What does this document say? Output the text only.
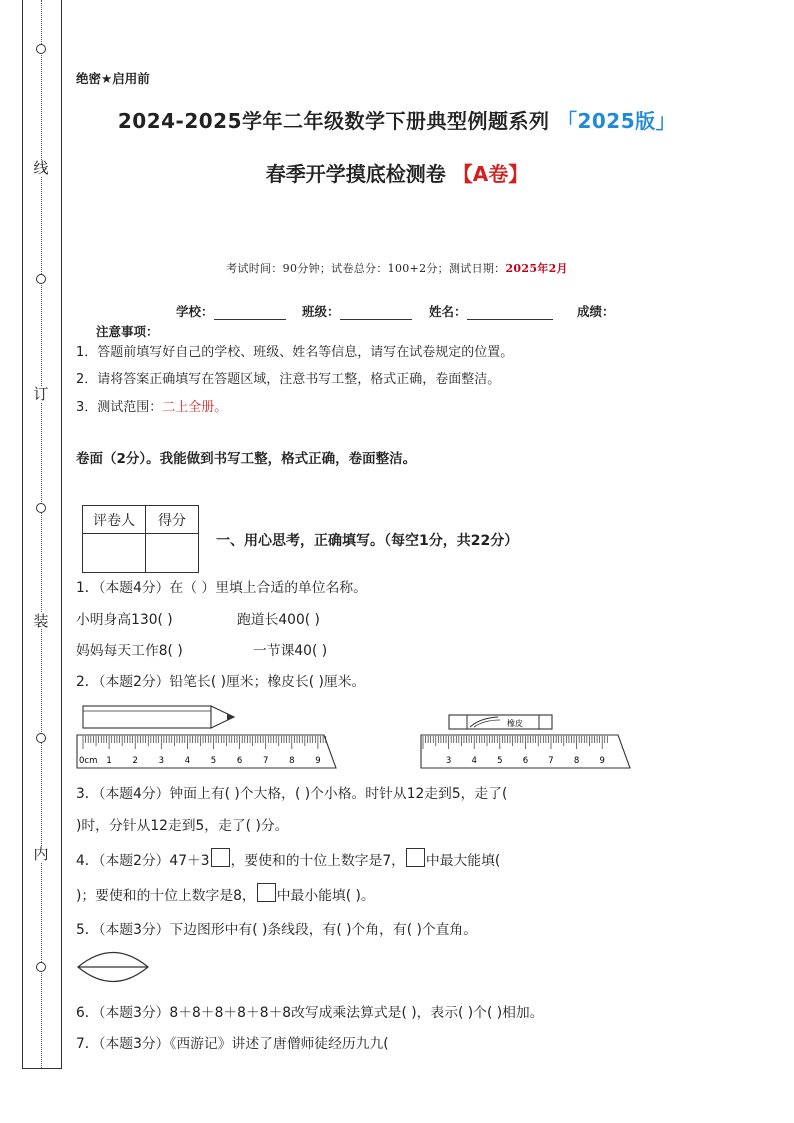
线
订
装
内
绝密★启用前
2024-2025学年二年级数学下册典型例题系列 「2025版」
春季开学摸底检测卷 【A卷】
考试时间：90分钟；试卷总分：100+2分；测试日期：2025年2月
学校：	班级：	姓名：	成绩：
注意事项：
1．答题前填写好自己的学校、班级、姓名等信息，请写在试卷规定的位置。
2．请将答案正确填写在答题区域，注意书写工整，格式正确，卷面整洁。
3．测试范围：二上全册。
卷面（2分）。我能做到书写工整，格式正确，卷面整洁。
评卷人	得分

一、用心思考，正确填写。（每空1分，共22分）
1．（本题4分）在（ ）里填上合适的单位名称。
小明身高130( )	跑道长400( )
妈妈每天工作8( )	一节课40( )
2．（本题2分）铅笔长( )厘米；橡皮长( )厘米。
0cm 1 2 3 4 5 6 7 8 9
橡皮
3 4 5 6 7 8 9
3．（本题4分）钟面上有( )个大格，( )个小格。时针从12走到5，走了(
)时，分针从12走到5，走了( )分。
4．（本题2分）47＋3 ，要使和的十位上数字是7， 中最大能填(
)；要使和的十位上数字是8， 中最小能填( )。
5．（本题3分）下边图形中有( )条线段，有( )个角，有( )个直角。
6．（本题3分）8＋8＋8＋8＋8＋8改写成乘法算式是( )，表示( )个( )相加。
7．（本题3分）《西游记》讲述了唐僧师徒经历九九(
